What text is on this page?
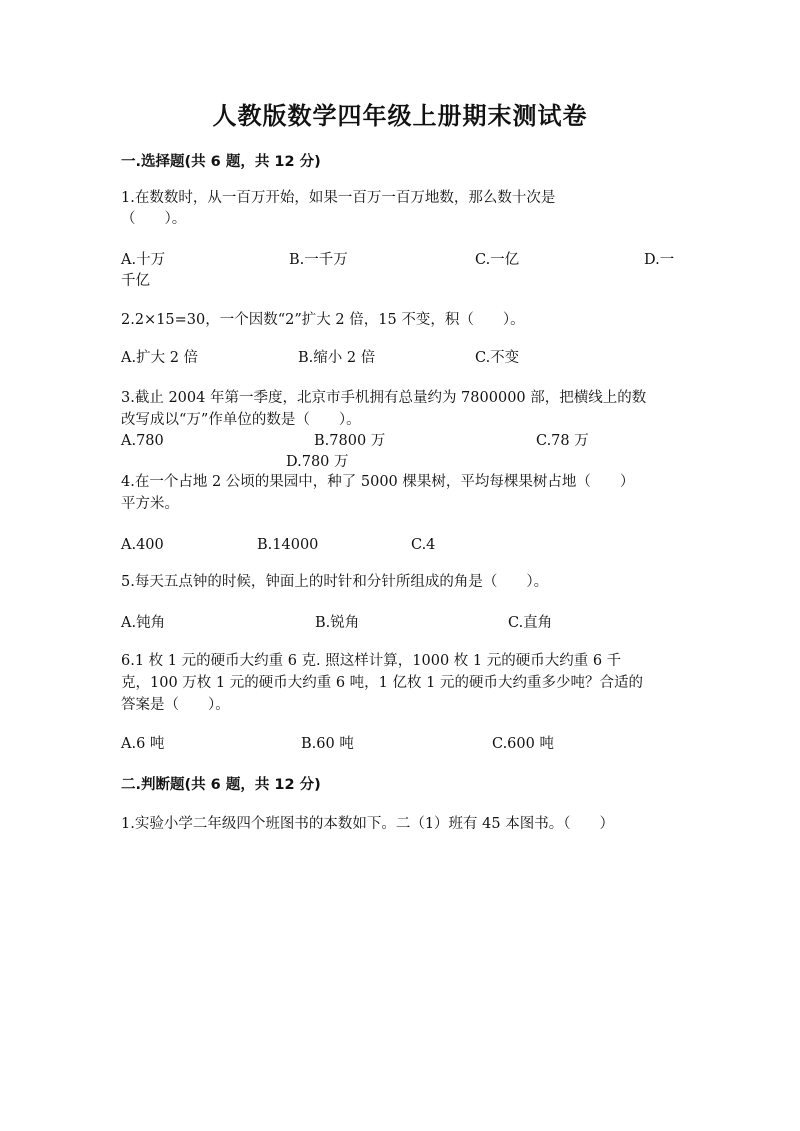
人教版数学四年级上册期末测试卷
一.选择题(共 6 题，共 12 分)
1.在数数时，从一百万开始，如果一百万一百万地数，那么数十次是
（　　）。
A.十万	B.一千万	C.一亿	D.一
千亿
2.2×15=30，一个因数“2”扩大 2 倍，15 不变，积（　　）。
A.扩大 2 倍	B.缩小 2 倍	C.不变
3.截止 2004 年第一季度，北京市手机拥有总量约为 7800000 部，把横线上的数
改写成以“万”作单位的数是（　　）。
A.780	B.7800 万	C.78 万
D.780 万
4.在一个占地 2 公顷的果园中，种了 5000 棵果树，平均每棵果树占地（　　）
平方米。
A.400	B.14000	C.4
5.每天五点钟的时候，钟面上的时针和分针所组成的角是（　　）。
A.钝角	B.锐角	C.直角
6.1 枚 1 元的硬币大约重 6 克. 照这样计算，1000 枚 1 元的硬币大约重 6 千
克，100 万枚 1 元的硬币大约重 6 吨，1 亿枚 1 元的硬币大约重多少吨？合适的
答案是（　　）。
A.6 吨	B.60 吨	C.600 吨
二.判断题(共 6 题，共 12 分)
1.实验小学二年级四个班图书的本数如下。二（1）班有 45 本图书。（　　）
